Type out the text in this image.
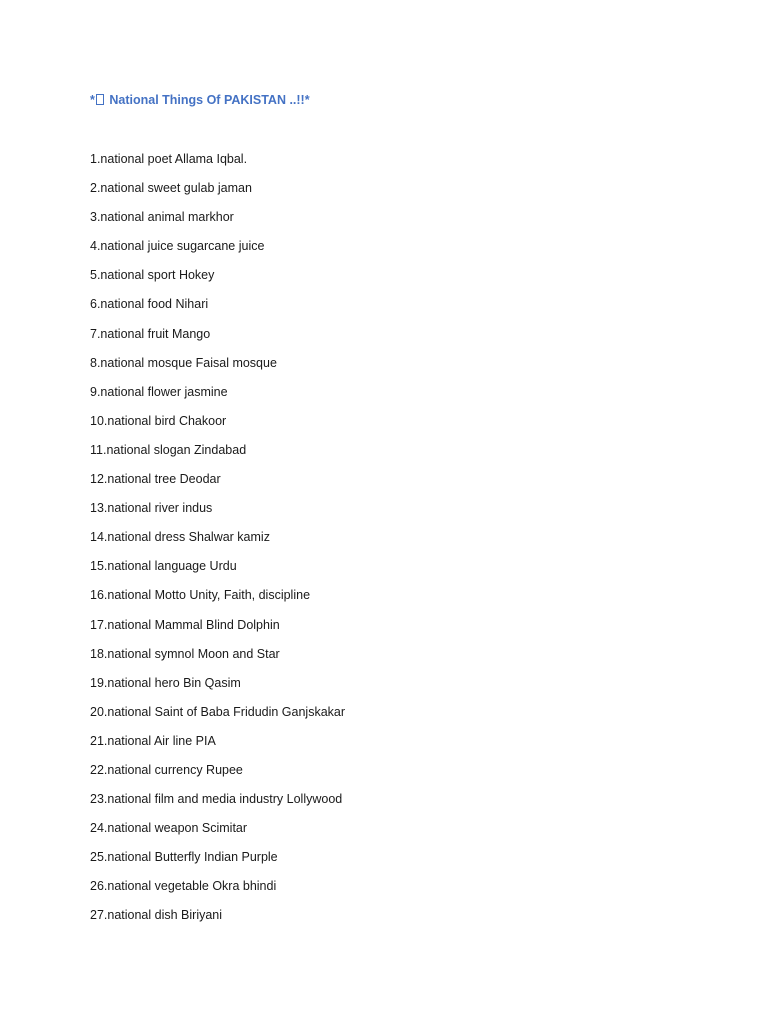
* National Things Of PAKISTAN ..!!*
1.national poet Allama Iqbal.
2.national sweet gulab jaman
3.national animal markhor
4.national juice sugarcane juice
5.national sport Hokey
6.national food Nihari
7.national fruit Mango
8.national mosque Faisal mosque
9.national flower jasmine
10.national bird Chakoor
11.national slogan Zindabad
12.national tree Deodar
13.national river indus
14.national dress Shalwar kamiz
15.national language Urdu
16.national Motto Unity, Faith, discipline
17.national Mammal Blind Dolphin
18.national symnol Moon and Star
19.national hero Bin Qasim
20.national Saint of Baba Fridudin Ganjskakar
21.national Air line PIA
22.national currency Rupee
23.national film and media industry Lollywood
24.national weapon Scimitar
25.national Butterfly Indian Purple
26.national vegetable Okra bhindi
27.national dish Biriyani
